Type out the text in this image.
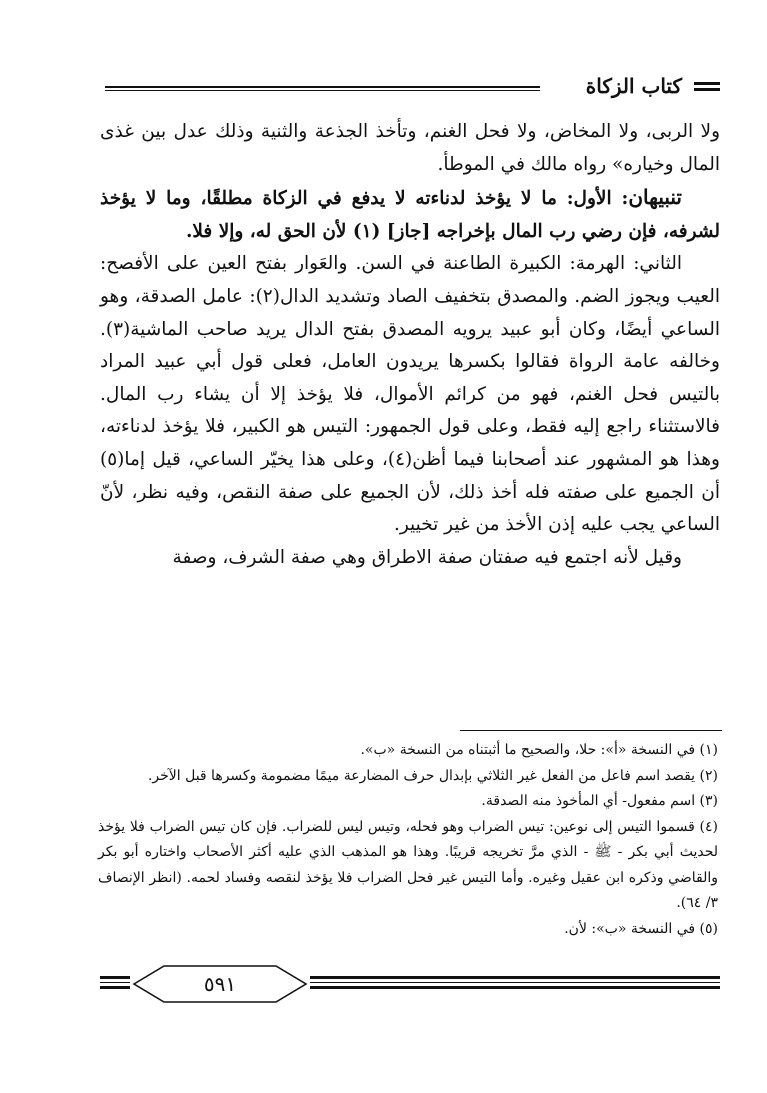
كتاب الزكاة

ولا الربى، ولا المخاض، ولا فحل الغنم، وتأخذ الجذعة والثنية وذلك عدل بين غذى المال وخياره» رواه مالك في الموطأ.

تنبيهان: الأول: ما لا يؤخذ لدناءته لا يدفع في الزكاة مطلقًا، وما لا يؤخذ لشرفه، فإن رضي رب المال بإخراجه [جاز] (١) لأن الحق له، وإلا فلا.

الثاني: الهرمة: الكبيرة الطاعنة في السن. والعَوار بفتح العين على الأفصح: العيب ويجوز الضم. والمصدق بتخفيف الصاد وتشديد الدال(٢): عامل الصدقة، وهو الساعي أيضًا، وكان أبو عبيد يرويه المصدق بفتح الدال يريد صاحب الماشية(٣). وخالفه عامة الرواة فقالوا بكسرها يريدون العامل، فعلى قول أبي عبيد المراد بالتيس فحل الغنم، فهو من كرائم الأموال، فلا يؤخذ إلا أن يشاء رب المال. فالاستثناء راجع إليه فقط، وعلى قول الجمهور: التيس هو الكبير، فلا يؤخذ لدناءته، وهذا هو المشهور عند أصحابنا فيما أظن(٤)، وعلى هذا يخيّر الساعي، قيل إما(٥) أن الجميع على صفته فله أخذ ذلك، لأن الجميع على صفة النقص، وفيه نظر، لأنّ الساعي يجب عليه إذن الأخذ من غير تخيير.

وقيل لأنه اجتمع فيه صفتان صفة الاطراق وهي صفة الشرف، وصفة

(١) في النسخة «أ»: حلا، والصحيح ما أثبتناه من النسخة «ب».

(٢) يقصد اسم فاعل من الفعل غير الثلاثي بإبدال حرف المضارعة ميمًا مضمومة وكسرها قبل الآخر.

(٣) اسم مفعول- أي المأخوذ منه الصدقة.

(٤) قسموا التيس إلى نوعين: تيس الضراب وهو فحله، وتيس ليس للضراب. فإن كان تيس الضراب فلا يؤخذ لحديث أبي بكر - ﷺ - الذي مرَّ تخريجه قريبًا. وهذا هو المذهب الذي عليه أكثر الأصحاب واختاره أبو بكر والقاضي وذكره ابن عقيل وغيره. وأما التيس غير فحل الضراب فلا يؤخذ لنقصه وفساد لحمه. (انظر الإنصاف ٣/ ٦٤).

(٥) في النسخة «ب»: لأن.

٥٩١
